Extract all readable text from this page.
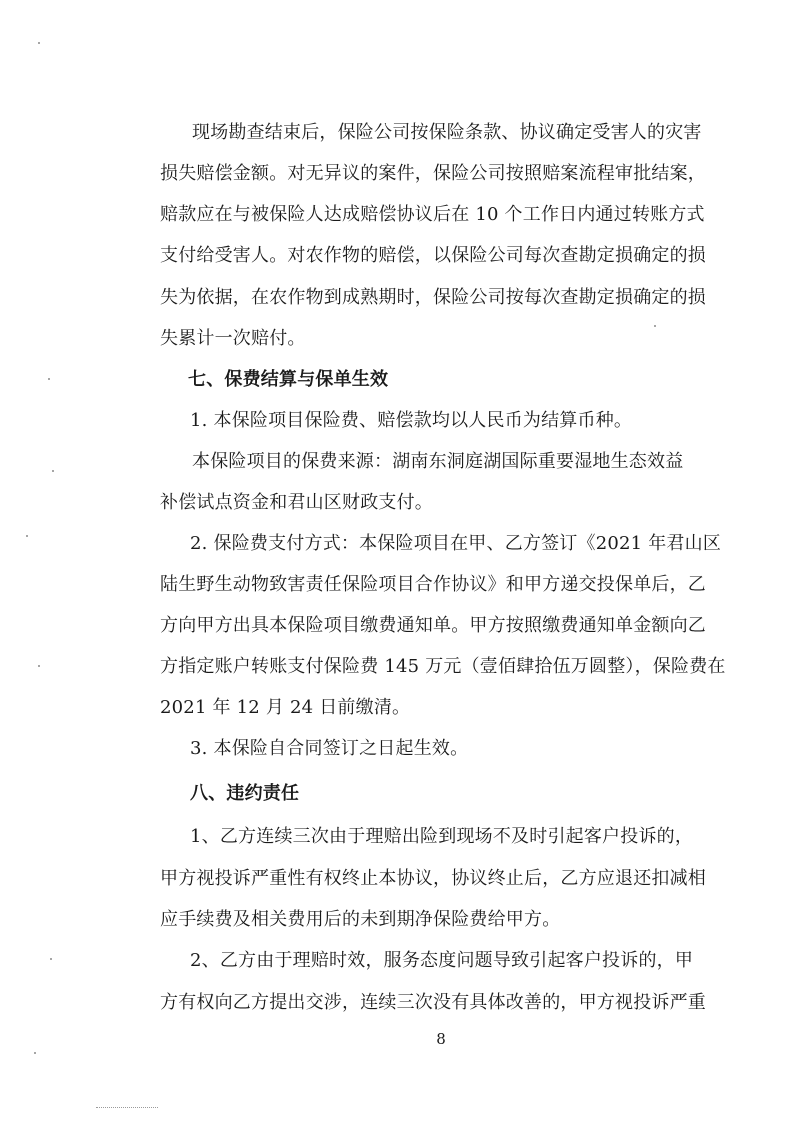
现场勘查结束后，保险公司按保险条款、协议确定受害人的灾害
损失赔偿金额。对无异议的案件，保险公司按照赔案流程审批结案，
赔款应在与被保险人达成赔偿协议后在 10 个工作日内通过转账方式
支付给受害人。对农作物的赔偿，以保险公司每次查勘定损确定的损
失为依据，在农作物到成熟期时，保险公司按每次查勘定损确定的损
失累计一次赔付。
七、保费结算与保单生效
1. 本保险项目保险费、赔偿款均以人民币为结算币种。
本保险项目的保费来源：湖南东洞庭湖国际重要湿地生态效益
补偿试点资金和君山区财政支付。
2. 保险费支付方式：本保险项目在甲、乙方签订《2021 年君山区
陆生野生动物致害责任保险项目合作协议》和甲方递交投保单后，乙
方向甲方出具本保险项目缴费通知单。甲方按照缴费通知单金额向乙
方指定账户转账支付保险费 145 万元（壹佰肆拾伍万圆整），保险费在
2021 年 12 月 24 日前缴清。
3. 本保险自合同签订之日起生效。
八、违约责任
1、乙方连续三次由于理赔出险到现场不及时引起客户投诉的，
甲方视投诉严重性有权终止本协议，协议终止后，乙方应退还扣减相
应手续费及相关费用后的未到期净保险费给甲方。
2、乙方由于理赔时效，服务态度问题导致引起客户投诉的，甲
方有权向乙方提出交涉，连续三次没有具体改善的，甲方视投诉严重
8
